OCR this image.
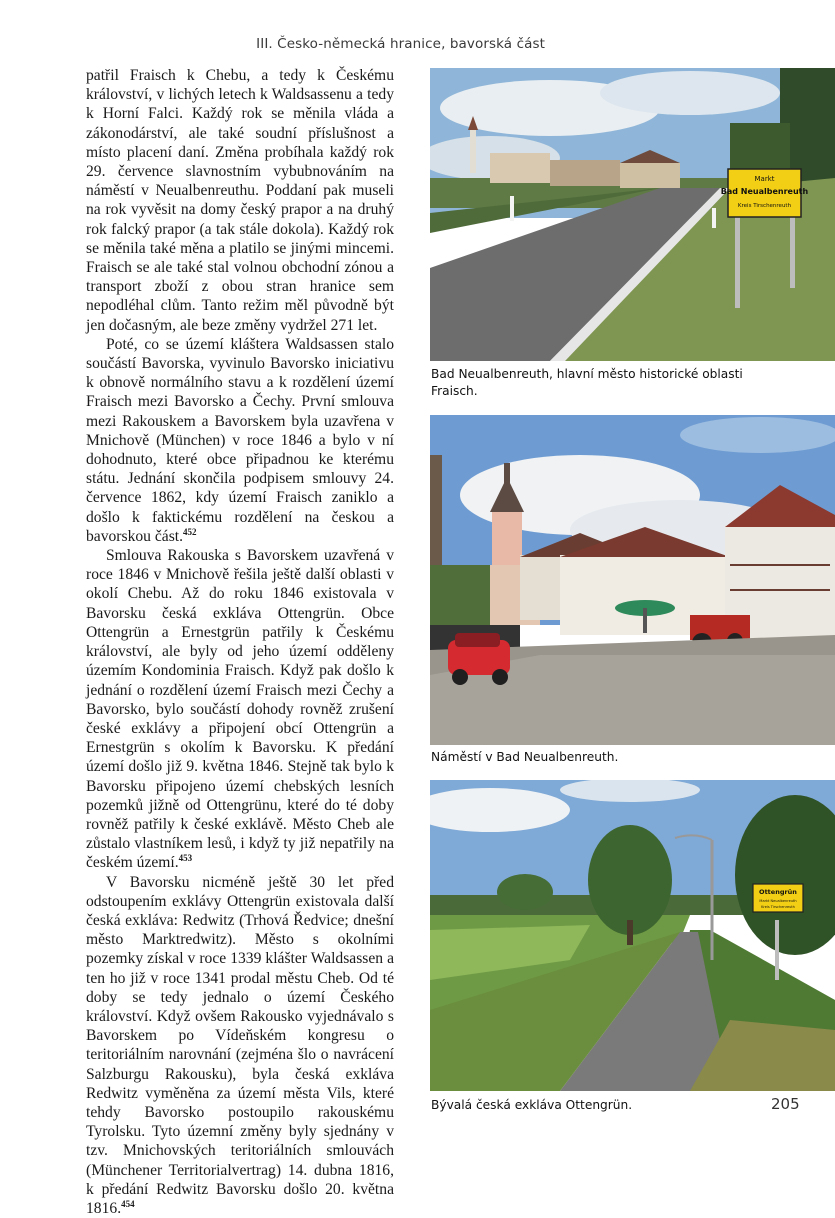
III. Česko-německá hranice, bavorská část

patřil Fraisch k Chebu, a tedy k Českému království, v lichých letech k Waldsassenu a tedy k Horní Falci. Každý rok se měnila vláda a zákonodárství, ale také soudní příslušnost a místo placení daní. Změna probíhala každý rok 29. července slavnostním vybubnováním na náměstí v Neualbenreuthu. Poddaní pak museli na rok vyvěsit na domy český prapor a na druhý rok falcký prapor (a tak stále dokola). Každý rok se měnila také měna a platilo se jinými mincemi. Fraisch se ale také stal volnou obchodní zónou a transport zboží z obou stran hranice sem nepodléhal clům. Tanto režim měl původně být jen dočasným, ale beze změny vydržel 271 let.

Poté, co se území kláštera Waldsassen stalo součástí Bavorska, vyvinulo Bavorsko iniciativu k obnově normálního stavu a k rozdělení území Fraisch mezi Bavorsko a Čechy. První smlouva mezi Rakouskem a Bavorskem byla uzavřena v Mnichově (München) v roce 1846 a bylo v ní dohodnuto, které obce připadnou ke kterému státu. Jednání skončila podpisem smlouvy 24. července 1862, kdy území Fraisch zaniklo a došlo k faktickému rozdělení na českou a bavorskou část.$^{452}$

Smlouva Rakouska s Bavorskem uzavřená v roce 1846 v Mnichově řešila ještě další oblasti v okolí Chebu. Až do roku 1846 existovala v Bavorsku česká exkláva Ottengrün. Obce Ottengrün a Ernestgrün patřily k Českému království, ale byly od jeho území odděleny územím Kondominia Fraisch. Když pak došlo k jednání o rozdělení území Fraisch mezi Čechy a Bavorsko, bylo součástí dohody rovněž zrušení české exklávy a připojení obcí Ottengrün a Ernestgrün s okolím k Bavorsku. K předání území došlo již 9. května 1846. Stejně tak bylo k Bavorsku připojeno území chebských lesních pozemků jižně od Ottengrünu, které do té doby rovněž patřily k české exklávě. Město Cheb ale zůstalo vlastníkem lesů, i když ty již nepatřily na českém území.$^{453}$

V Bavorsku nicméně ještě 30 let před odstoupením exklávy Ottengrün existovala další česká exkláva: Redwitz (Trhová Ředvice; dnešní město Marktredwitz). Město s okolními pozemky získal v roce 1339 klášter Waldsassen a ten ho již v roce 1341 prodal městu Cheb. Od té doby se tedy jednalo o území Českého království. Když ovšem Rakousko vyjednávalo s Bavorskem po Vídeňském kongresu o teritoriálním narovnání (zejména šlo o navrácení Salzburgu Rakousku), byla česká exkláva Redwitz vyměněna za území města Vils, které tehdy Bavorsko postoupilo rakouskému Tyrolsku. Tyto územní změny byly sjednány v tzv. Mnichovských teritoriálních smlouvách (Münchener Territorialvertrag) 14. dubna 1816, k předání Redwitz Bavorsku došlo 20. května 1816.$^{454}$

Markt
Bad Neualbenreuth
Kreis Tirschenreuth
Bad Neualbenreuth, hlavní město historické oblasti Fraisch.
Náměstí v Bad Neualbenreuth.
Ottengrün
Markt Neualbenreuth
Kreis Tirschenreuth
Bývalá česká exkláva Ottengrün.	205
